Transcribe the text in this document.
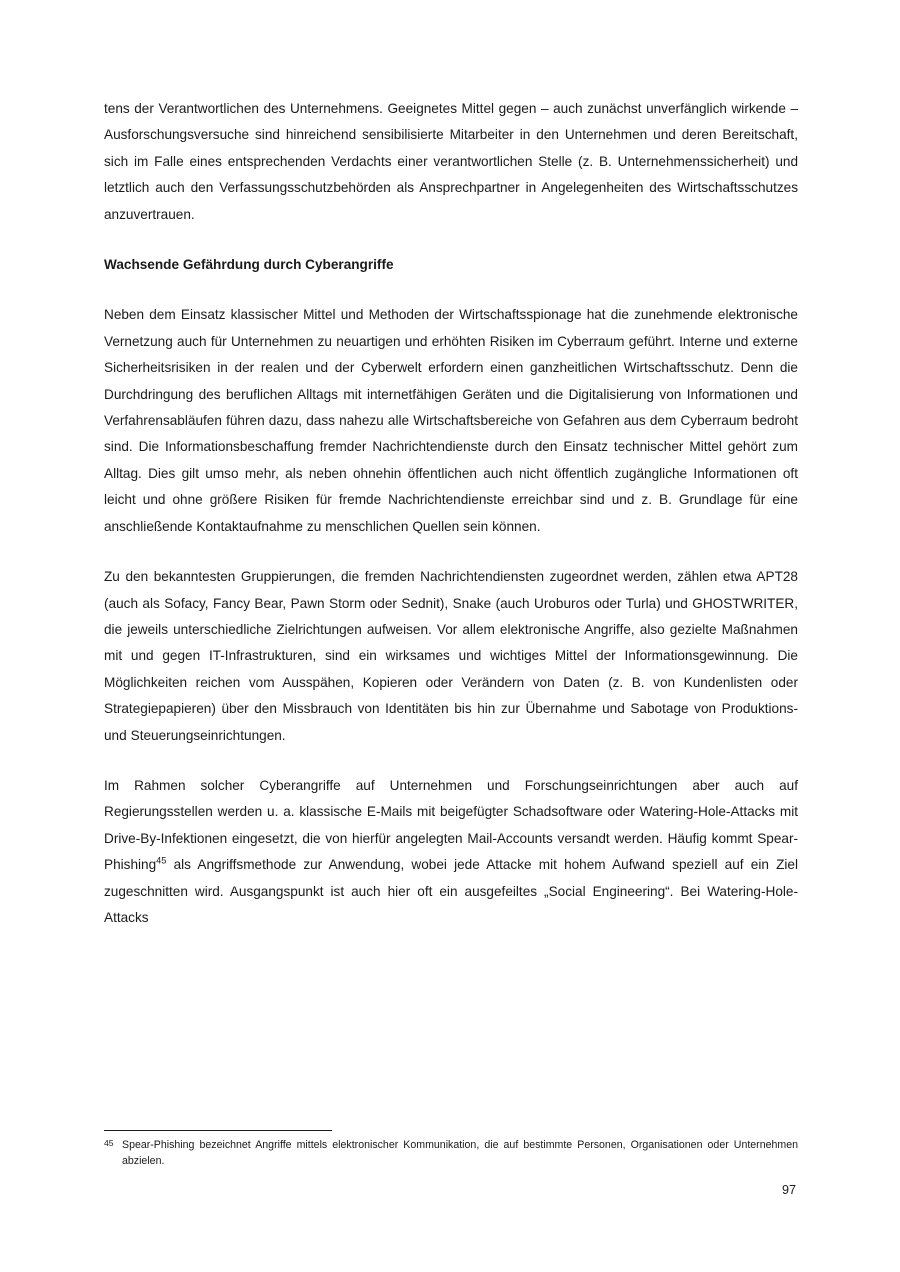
tens der Verantwortlichen des Unternehmens. Geeignetes Mittel gegen – auch zunächst unverfänglich wirkende – Ausforschungsversuche sind hinreichend sensibilisierte Mitarbeiter in den Unternehmen und deren Bereitschaft, sich im Falle eines entsprechenden Verdachts einer verantwortlichen Stelle (z. B. Unternehmenssicherheit) und letztlich auch den Verfassungsschutzbehörden als Ansprechpartner in Angelegenheiten des Wirtschaftsschutzes anzuvertrauen.

Wachsende Gefährdung durch Cyberangriffe

Neben dem Einsatz klassischer Mittel und Methoden der Wirtschaftsspionage hat die zunehmende elektronische Vernetzung auch für Unternehmen zu neuartigen und erhöhten Risiken im Cyberraum geführt. Interne und externe Sicherheitsrisiken in der realen und der Cyberwelt erfordern einen ganzheitlichen Wirtschaftsschutz. Denn die Durchdringung des beruflichen Alltags mit internetfähigen Geräten und die Digitalisierung von Informationen und Verfahrensabläufen führen dazu, dass nahezu alle Wirtschaftsbereiche von Gefahren aus dem Cyberraum bedroht sind. Die Informationsbeschaffung fremder Nachrichtendienste durch den Einsatz technischer Mittel gehört zum Alltag. Dies gilt umso mehr, als neben ohnehin öffentlichen auch nicht öffentlich zugängliche Informationen oft leicht und ohne größere Risiken für fremde Nachrichtendienste erreichbar sind und z. B. Grundlage für eine anschließende Kontaktaufnahme zu menschlichen Quellen sein können.

Zu den bekanntesten Gruppierungen, die fremden Nachrichtendiensten zugeordnet werden, zählen etwa APT28 (auch als Sofacy, Fancy Bear, Pawn Storm oder Sednit), Snake (auch Uroburos oder Turla) und GHOSTWRITER, die jeweils unterschiedliche Zielrichtungen aufweisen. Vor allem elektronische Angriffe, also gezielte Maßnahmen mit und gegen IT-Infrastrukturen, sind ein wirksames und wichtiges Mittel der Informationsgewinnung. Die Möglichkeiten reichen vom Ausspähen, Kopieren oder Verändern von Daten (z. B. von Kundenlisten oder Strategiepapieren) über den Missbrauch von Identitäten bis hin zur Übernahme und Sabotage von Produktions- und Steuerungseinrichtungen.

Im Rahmen solcher Cyberangriffe auf Unternehmen und Forschungseinrichtungen aber auch auf Regierungsstellen werden u. a. klassische E-Mails mit beigefügter Schadsoftware oder Watering-Hole-Attacks mit Drive-By-Infektionen eingesetzt, die von hierfür angelegten Mail-Accounts versandt werden. Häufig kommt Spear-Phishing$^{45}$ als Angriffsmethode zur Anwendung, wobei jede Attacke mit hohem Aufwand speziell auf ein Ziel zugeschnitten wird. Ausgangspunkt ist auch hier oft ein ausgefeiltes „Social Engineering“. Bei Watering-Hole-Attacks

45 Spear-Phishing bezeichnet Angriffe mittels elektronischer Kommunikation, die auf bestimmte Personen, Organisationen oder Unternehmen abzielen.
97
